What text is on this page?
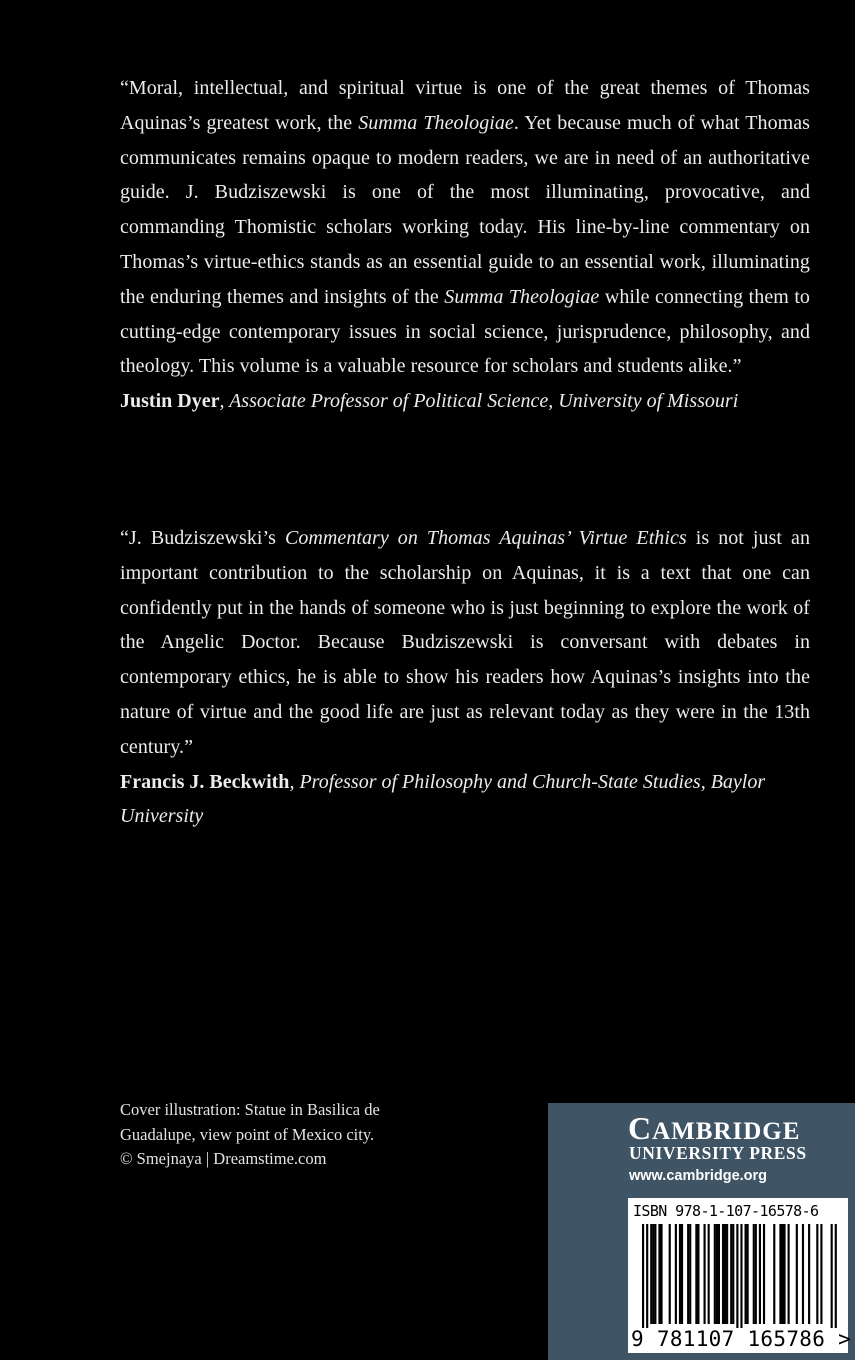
“Moral, intellectual, and spiritual virtue is one of the great themes of Thomas Aquinas’s greatest work, the Summa Theologiae. Yet because much of what Thomas communicates remains opaque to modern readers, we are in need of an authoritative guide. J. Budziszewski is one of the most illuminating, provocative, and commanding Thomistic scholars working today. His line-by-line commentary on Thomas’s virtue-ethics stands as an essential guide to an essential work, illuminating the enduring themes and insights of the Summa Theologiae while connecting them to cutting-edge contemporary issues in social science, jurisprudence, philosophy, and theology. This volume is a valuable resource for scholars and students alike.”

Justin Dyer, Associate Professor of Political Science, University of Missouri

“J. Budziszewski’s Commentary on Thomas Aquinas’ Virtue Ethics is not just an important contribution to the scholarship on Aquinas, it is a text that one can confidently put in the hands of someone who is just beginning to explore the work of the Angelic Doctor. Because Budziszewski is conversant with debates in contemporary ethics, he is able to show his readers how Aquinas’s insights into the nature of virtue and the good life are just as relevant today as they were in the 13th century.”

Francis J. Beckwith, Professor of Philosophy and Church-State Studies, Baylor University

Cover illustration: Statue in Basilica de
Guadalupe, view point of Mexico city.
© Smejnaya | Dreamstime.com
CAMBRIDGE
UNIVERSITY PRESS
www.cambridge.org
ISBN 978-1-107-16578-6
9 781107 165786 >
